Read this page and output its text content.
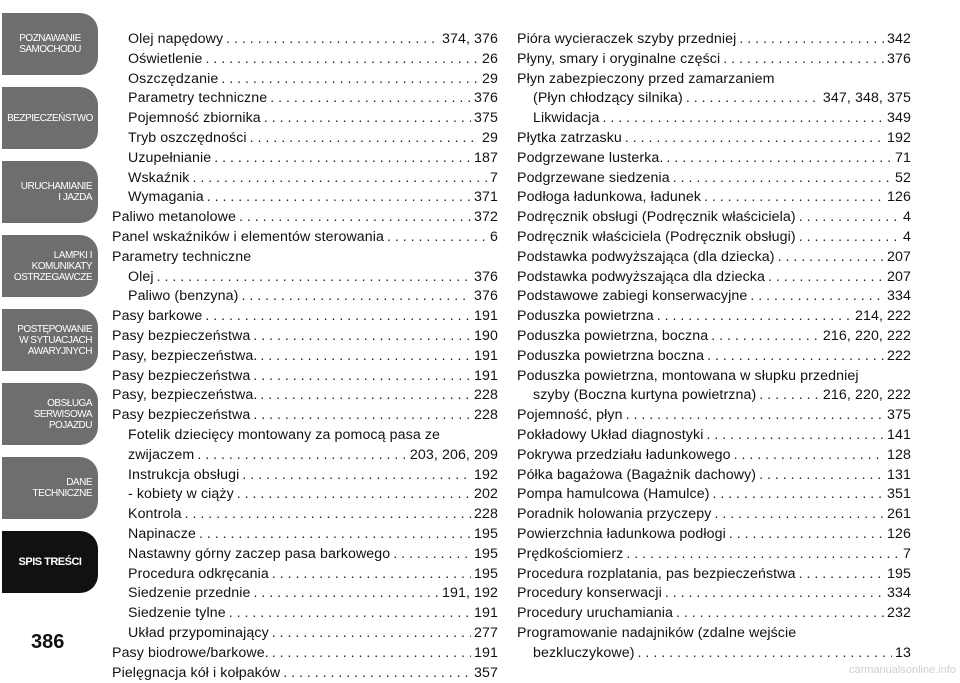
POZNAWANIE
SAMOCHODU
BEZPIECZEŃSTWO
URUCHAMIANIE
I JAZDA
LAMPKI I
KOMUNIKATY
OSTRZEGAWCZE
POSTĘPOWANIE
W SYTUACJACH
AWARYJNYCH
OBSŁUGA
SERWISOWA
POJAZDU
DANE
TECHNICZNE
SPIS TREŚCI
386
Olej napędowy . . .	374, 376
Oświetlenie . . .	26
Oszczędzanie . . .	29
Parametry techniczne . . .	376
Pojemność zbiornika . . .	375
Tryb oszczędności . . .	29
Uzupełnianie . . .	187
Wskaźnik . . .	7
Wymagania . . .	371
Paliwo metanolowe . . .	372
Panel wskaźników i elementów sterowania . . .	6
Parametry techniczne
Olej . . .	376
Paliwo (benzyna) . . .	376
Pasy barkowe . . .	191
Pasy bezpieczeństwa . . .	190
Pasy, bezpieczeństwa. . . .	191
Pasy bezpieczeństwa . . .	191
Pasy, bezpieczeństwa. . . .	228
Pasy bezpieczeństwa . . .	228
Fotelik dziecięcy montowany za pomocą pasa ze
zwijaczem . . .	203, 206, 209
Instrukcja obsługi . . .	192
- kobiety w ciąży . . .	202
Kontrola . . .	228
Napinacze . . .	195
Nastawny górny zaczep pasa barkowego . . .	195
Procedura odkręcania . . .	195
Siedzenie przednie . . .	191, 192
Siedzenie tylne . . .	191
Układ przypominający . . .	277
Pasy biodrowe/barkowe. . . .	191
Pielęgnacja kół i kołpaków . . .	357
Pióra wycieraczek szyby przedniej . . .	342
Płyny, smary i oryginalne części . . .	376
Płyn zabezpieczony przed zamarzaniem
(Płyn chłodzący silnika) . . .	347, 348, 375
Likwidacja . . .	349
Płytka zatrzasku . . .	192
Podgrzewane lusterka. . . .	71
Podgrzewane siedzenia . . .	52
Podłoga ładunkowa, ładunek . . .	126
Podręcznik obsługi (Podręcznik właściciela) . . .	4
Podręcznik właściciela (Podręcznik obsługi) . . .	4
Podstawka podwyższająca (dla dziecka) . . .	207
Podstawka podwyższająca dla dziecka . . .	207
Podstawowe zabiegi konserwacyjne . . .	334
Poduszka powietrzna . . .	214, 222
Poduszka powietrzna, boczna . . .	216, 220, 222
Poduszka powietrzna boczna . . .	222
Poduszka powietrzna, montowana w słupku przedniej
szyby (Boczna kurtyna powietrzna) . . .	216, 220, 222
Pojemność, płyn . . .	375
Pokładowy Układ diagnostyki . . .	141
Pokrywa przedziału ładunkowego . . .	128
Półka bagażowa (Bagażnik dachowy) . . .	131
Pompa hamulcowa (Hamulce) . . .	351
Poradnik holowania przyczepy . . .	261
Powierzchnia ładunkowa podłogi . . .	126
Prędkościomierz . . .	7
Procedura rozplatania, pas bezpieczeństwa . . .	195
Procedury konserwacji . . .	334
Procedury uruchamiania . . .	232
Programowanie nadajników (zdalne wejście
bezkluczykowe) . . .	13
carmanualsonline.info
